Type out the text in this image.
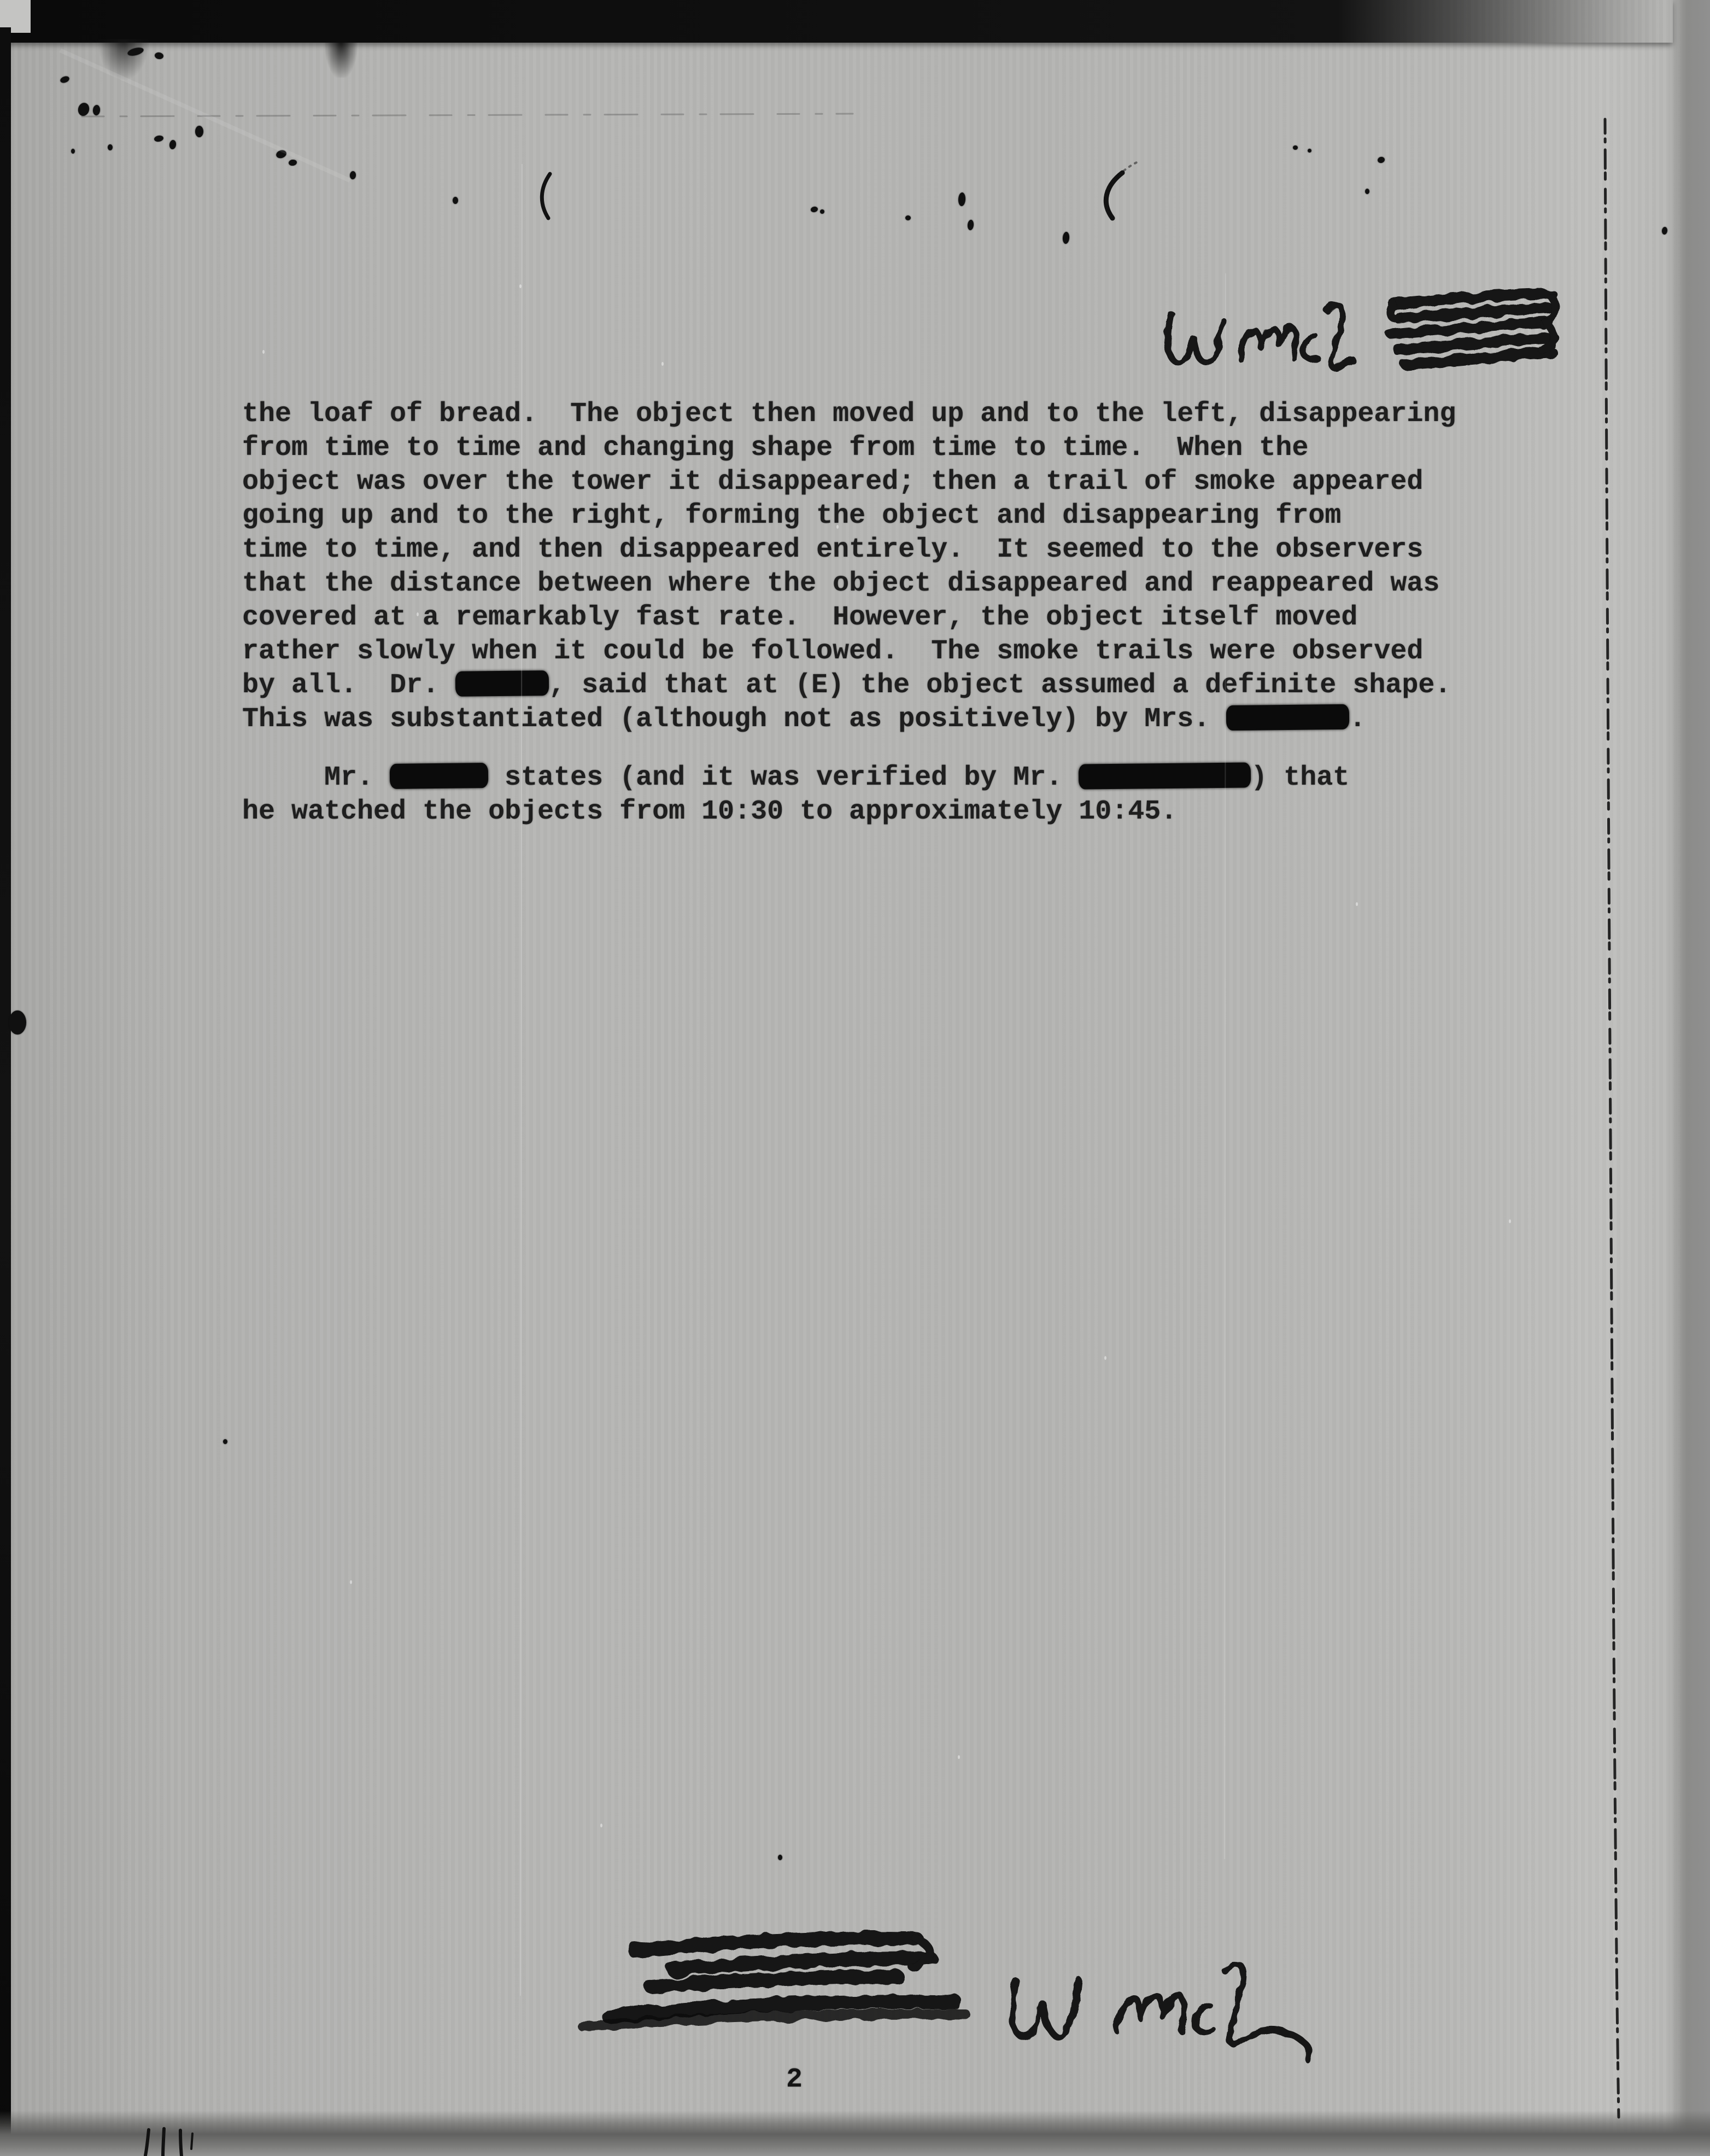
the loaf of bread.  The object then moved up and to the left, disappearing
from time to time and changing shape from time to time.  When the
object was over the tower it disappeared; then a trail of smoke appeared
going up and to the right, forming the object and disappearing from
time to time, and then disappeared entirely.  It seemed to the observers
that the distance between where the object disappeared and reappeared was
covered at a remarkably fast rate.  However, the object itself moved
rather slowly when it could be followed.  The smoke trails were observed
by all.  Dr.	, said that at (E) the object assumed a definite shape.
This was substantiated (although not as positively) by Mrs.	.
Mr.	states (and it was verified by Mr.	) that
he watched the objects from 10:30 to approximately 10:45.
2
